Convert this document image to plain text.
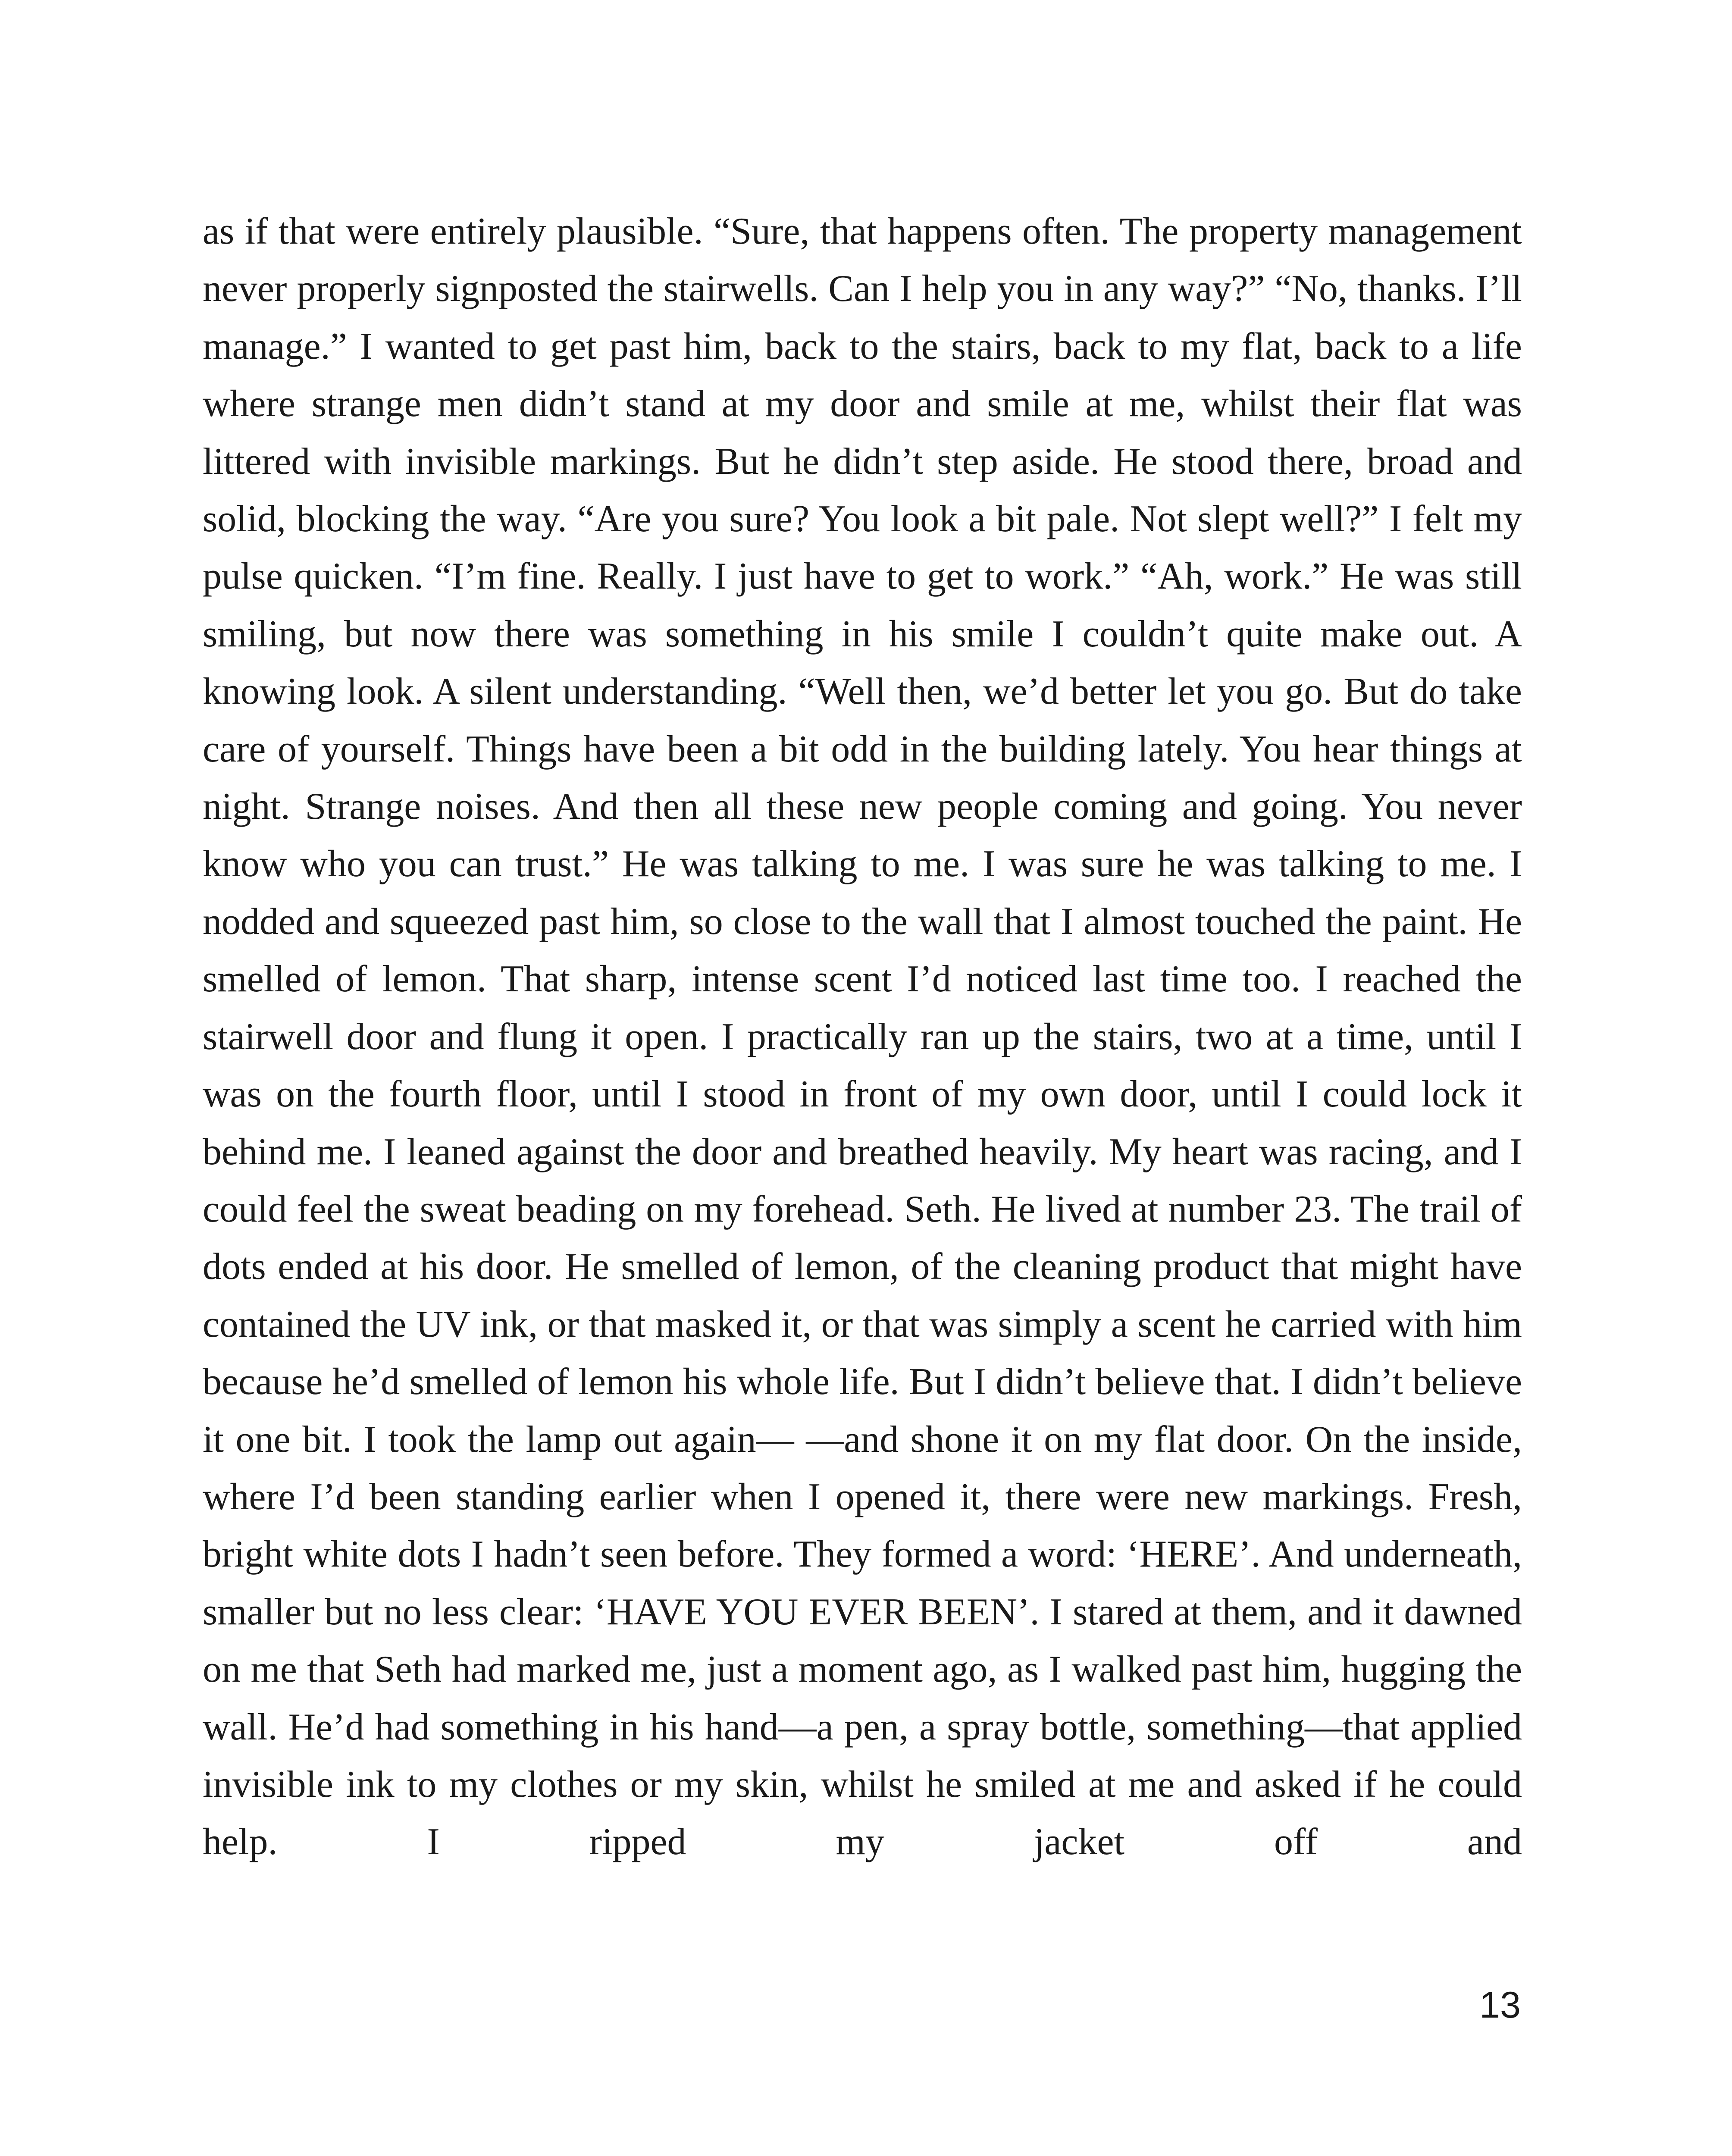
as if that were entirely plausible. “Sure, that happens often. The property management never properly signposted the stairwells. Can I help you in any way?” “No, thanks. I’ll manage.” I wanted to get past him, back to the stairs, back to my flat, back to a life where strange men didn’t stand at my door and smile at me, whilst their flat was littered with invisible markings. But he didn’t step aside. He stood there, broad and solid, blocking the way. “Are you sure? You look a bit pale. Not slept well?” I felt my pulse quicken. “I’m fine. Really. I just have to get to work.” “Ah, work.” He was still smiling, but now there was something in his smile I couldn’t quite make out. A knowing look. A silent understanding. “Well then, we’d better let you go. But do take care of yourself. Things have been a bit odd in the building lately. You hear things at night. Strange noises. And then all these new people coming and going. You never know who you can trust.” He was talking to me. I was sure he was talking to me. I nodded and squeezed past him, so close to the wall that I almost touched the paint. He smelled of lemon. That sharp, intense scent I’d noticed last time too. I reached the stairwell door and flung it open. I practically ran up the stairs, two at a time, until I was on the fourth floor, until I stood in front of my own door, until I could lock it behind me. I leaned against the door and breathed heavily. My heart was racing, and I could feel the sweat beading on my forehead. Seth. He lived at number 23. The trail of dots ended at his door. He smelled of lemon, of the cleaning product that might have contained the UV ink, or that masked it, or that was simply a scent he carried with him because he’d smelled of lemon his whole life. But I didn’t believe that. I didn’t believe it one bit. I took the lamp out again— —and shone it on my flat door. On the inside, where I’d been standing earlier when I opened it, there were new markings. Fresh, bright white dots I hadn’t seen before. They formed a word: ‘HERE’. And underneath, smaller but no less clear: ‘HAVE YOU EVER BEEN’. I stared at them, and it dawned on me that Seth had marked me, just a moment ago, as I walked past him, hugging the wall. He’d had something in his hand—a pen, a spray bottle, something—that applied invisible ink to my clothes or my skin, whilst he smiled at me and asked if he could help. I ripped my jacket off and

13
